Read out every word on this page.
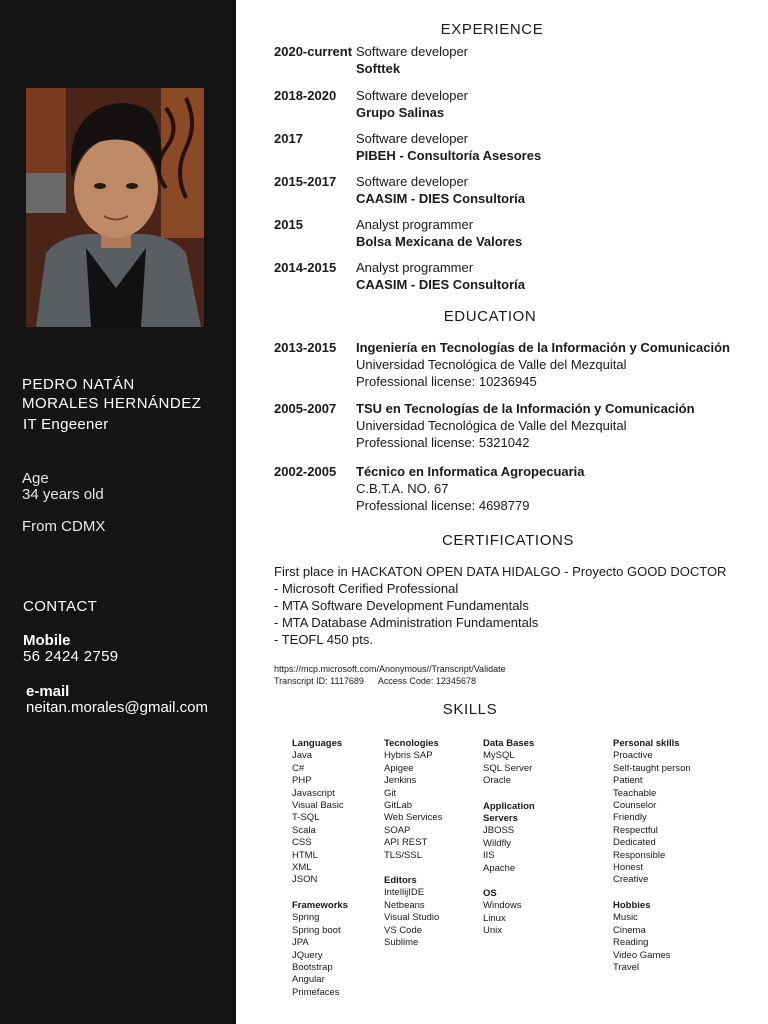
PEDRO NATÁN
MORALES HERNÁNDEZ
IT Engeener
Age
34 years old
From CDMX
CONTACT
Mobile
56 2424 2759
e-mail
neitan.morales@gmail.com
EXPERIENCE
2020-current Software developer
Softtek
2018-2020 Software developer
Grupo Salinas
2017	Software developer
PIBEH - Consultoría Asesores
2015-2017 Software developer
CAASIM - DIES Consultoría
2015	Analyst programmer
Bolsa Mexicana de Valores
2014-2015 Analyst programmer
CAASIM - DIES Consultoría
EDUCATION
2013-2015 Ingeniería en Tecnologías de la Información y Comunicación
Universidad Tecnológica de Valle del Mezquital
Professional license: 10236945
2005-2007 TSU en Tecnologías de la Información y Comunicación
Universidad Tecnológica de Valle del Mezquital
Professional license: 5321042
2002-2005 Técnico en Informatica Agropecuaria
C.B.T.A. NO. 67
Professional license: 4698779
CERTIFICATIONS
First place in HACKATON OPEN DATA HIDALGO - Proyecto GOOD DOCTOR
- Microsoft Cerified Professional
- MTA Software Development Fundamentals
- MTA Database Administration Fundamentals
- TEOFL 450 pts.
https://mcp.microsoft.com/Anonymous//Transcript/Validate
Transcript ID: 1117689 Access Code: 12345678
SKILLS
Languages
Java
C#
PHP
Javascript
Visual Basic
T-SQL
Scala
CSS
HTML
XML
JSON
Frameworks
Spring
Spring boot
JPA
JQuery
Bootstrap
Angular
Primefaces
Tecnologies
Hybris SAP
Apigee
Jenkins
Git
GitLab
Web Services
SOAP
API REST
TLS/SSL
Editors
IntellijIDE
Netbeans
Visual Studio
VS Code
Sublime
Data Bases
MySQL
SQL Server
Oracle
Application
Servers
JBOSS
Wildfly
IIS
Apache
OS
Windows
Linux
Unix
Personal skills
Proactive
Self-taught person
Patient
Teachable
Counselor
Friendly
Respectful
Dedicated
Responsible
Honest
Creative
Hobbies
Music
Cinema
Reading
Video Games
Travel
